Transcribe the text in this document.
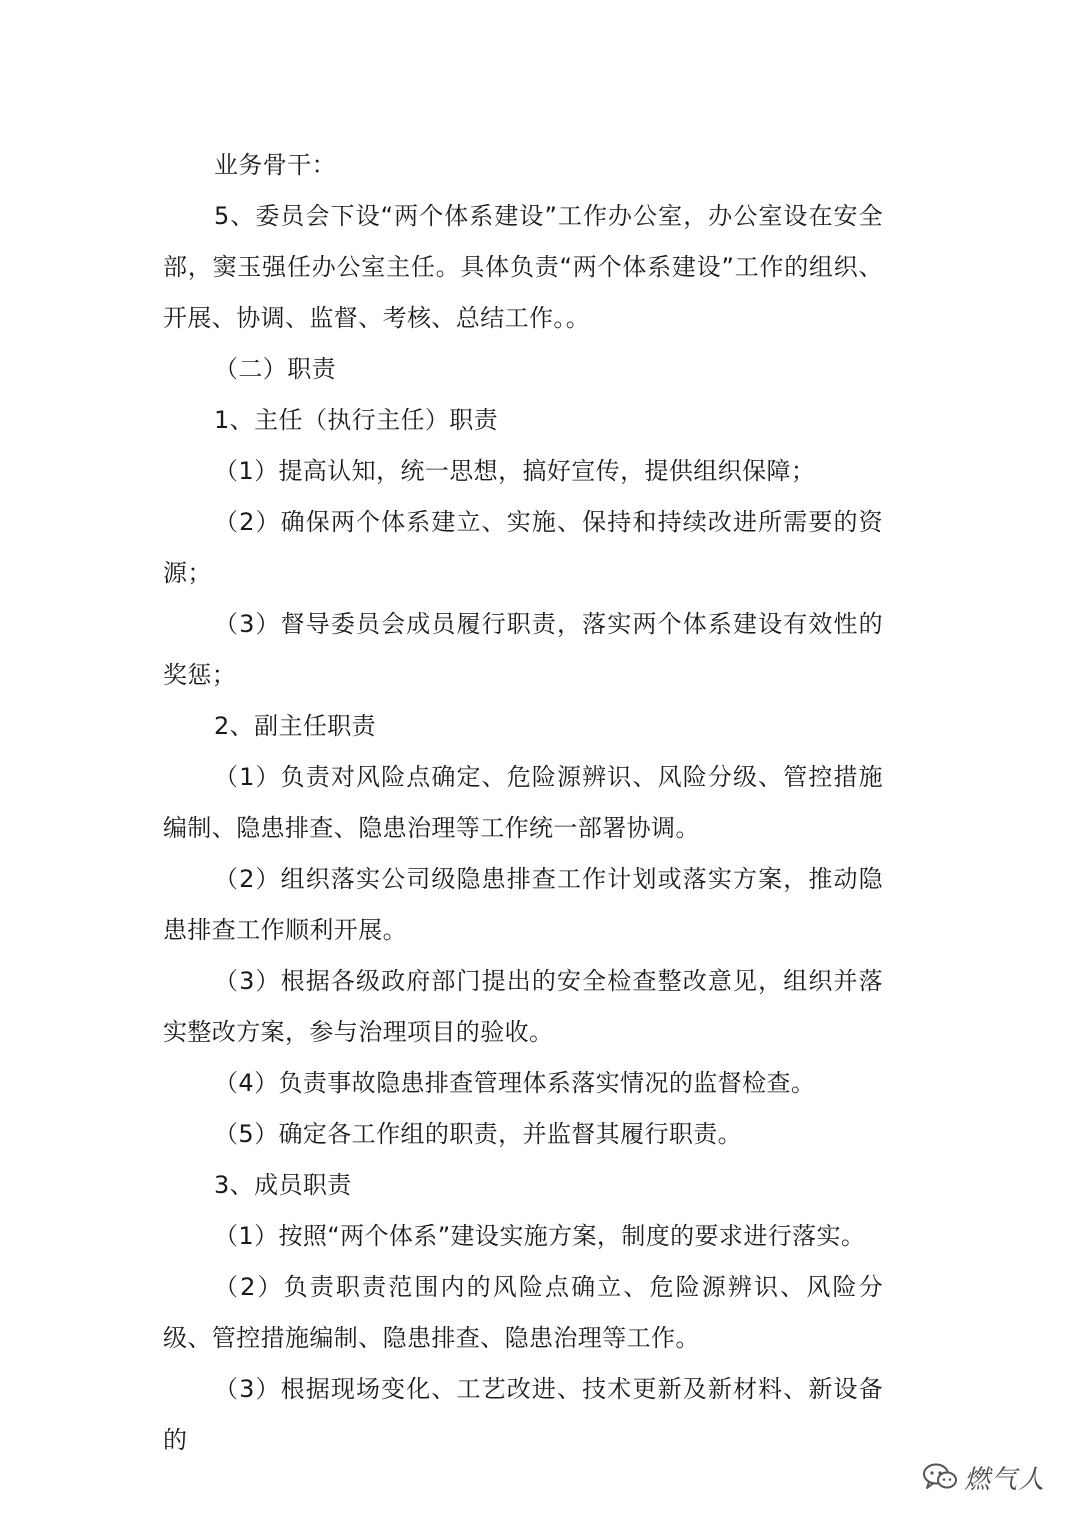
业务骨干：

5、委员会下设“两个体系建设”工作办公室，办公室设在安全部，窦玉强任办公室主任。具体负责“两个体系建设”工作的组织、开展、协调、监督、考核、总结工作。。

（二）职责

1、主任（执行主任）职责

（1）提高认知，统一思想，搞好宣传，提供组织保障；

（2）确保两个体系建立、实施、保持和持续改进所需要的资源；

（3）督导委员会成员履行职责，落实两个体系建设有效性的奖惩；

2、副主任职责

（1）负责对风险点确定、危险源辨识、风险分级、管控措施编制、隐患排查、隐患治理等工作统一部署协调。

（2）组织落实公司级隐患排查工作计划或落实方案，推动隐患排查工作顺利开展。

（3）根据各级政府部门提出的安全检查整改意见，组织并落实整改方案，参与治理项目的验收。

（4）负责事故隐患排查管理体系落实情况的监督检查。

（5）确定各工作组的职责，并监督其履行职责。

3、成员职责

（1）按照“两个体系”建设实施方案，制度的要求进行落实。

（2）负责职责范围内的风险点确立、危险源辨识、风险分级、管控措施编制、隐患排查、隐患治理等工作。

（3）根据现场变化、工艺改进、技术更新及新材料、新设备的

燃气人
